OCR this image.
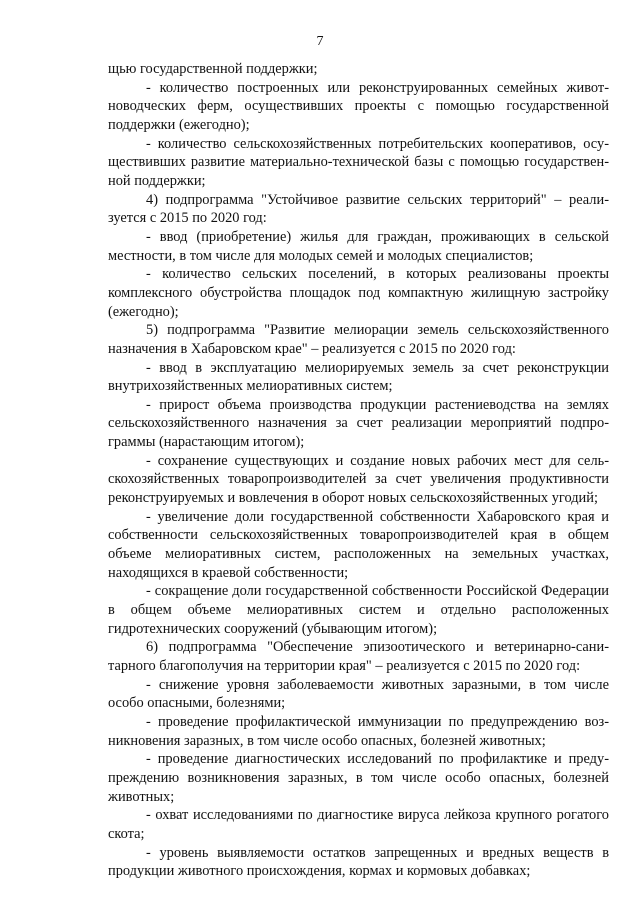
7

щью государственной поддержки;

- количество построенных или реконструированных семейных животноводческих ферм, осуществивших проекты с помощью государственной поддержки (ежегодно);

- количество сельскохозяйственных потребительских кооперативов, осуществивших развитие материально-технической базы с помощью государственной поддержки;

4) подпрограмма "Устойчивое развитие сельских территорий" – реализуется с 2015 по 2020 год:

- ввод (приобретение) жилья для граждан, проживающих в сельской местности, в том числе для молодых семей и молодых специалистов;

- количество сельских поселений, в которых реализованы проекты комплексного обустройства площадок под компактную жилищную застройку (ежегодно);

5) подпрограмма "Развитие мелиорации земель сельскохозяйственного назначения в Хабаровском крае" – реализуется с 2015 по 2020 год:

- ввод в эксплуатацию мелиорируемых земель за счет реконструкции внутрихозяйственных мелиоративных систем;

- прирост объема производства продукции растениеводства на землях сельскохозяйственного назначения за счет реализации мероприятий подпрограммы (нарастающим итогом);

- сохранение существующих и создание новых рабочих мест для сельскохозяйственных товаропроизводителей за счет увеличения продуктивности реконструируемых и вовлечения в оборот новых сельскохозяйственных угодий;

- увеличение доли государственной собственности Хабаровского края и собственности сельскохозяйственных товаропроизводителей края в общем объеме мелиоративных систем, расположенных на земельных участках, находящихся в краевой собственности;

- сокращение доли государственной собственности Российской Федерации в общем объеме мелиоративных систем и отдельно расположенных гидротехнических сооружений (убывающим итогом);

6) подпрограмма "Обеспечение эпизоотического и ветеринарно-санитарного благополучия на территории края" – реализуется с 2015 по 2020 год:

- снижение уровня заболеваемости животных заразными, в том числе особо опасными, болезнями;

- проведение профилактической иммунизации по предупреждению возникновения заразных, в том числе особо опасных, болезней животных;

- проведение диагностических исследований по профилактике и предупреждению возникновения заразных, в том числе особо опасных, болезней животных;

- охват исследованиями по диагностике вируса лейкоза крупного рогатого скота;

- уровень выявляемости остатков запрещенных и вредных веществ в продукции животного происхождения, кормах и кормовых добавках;
